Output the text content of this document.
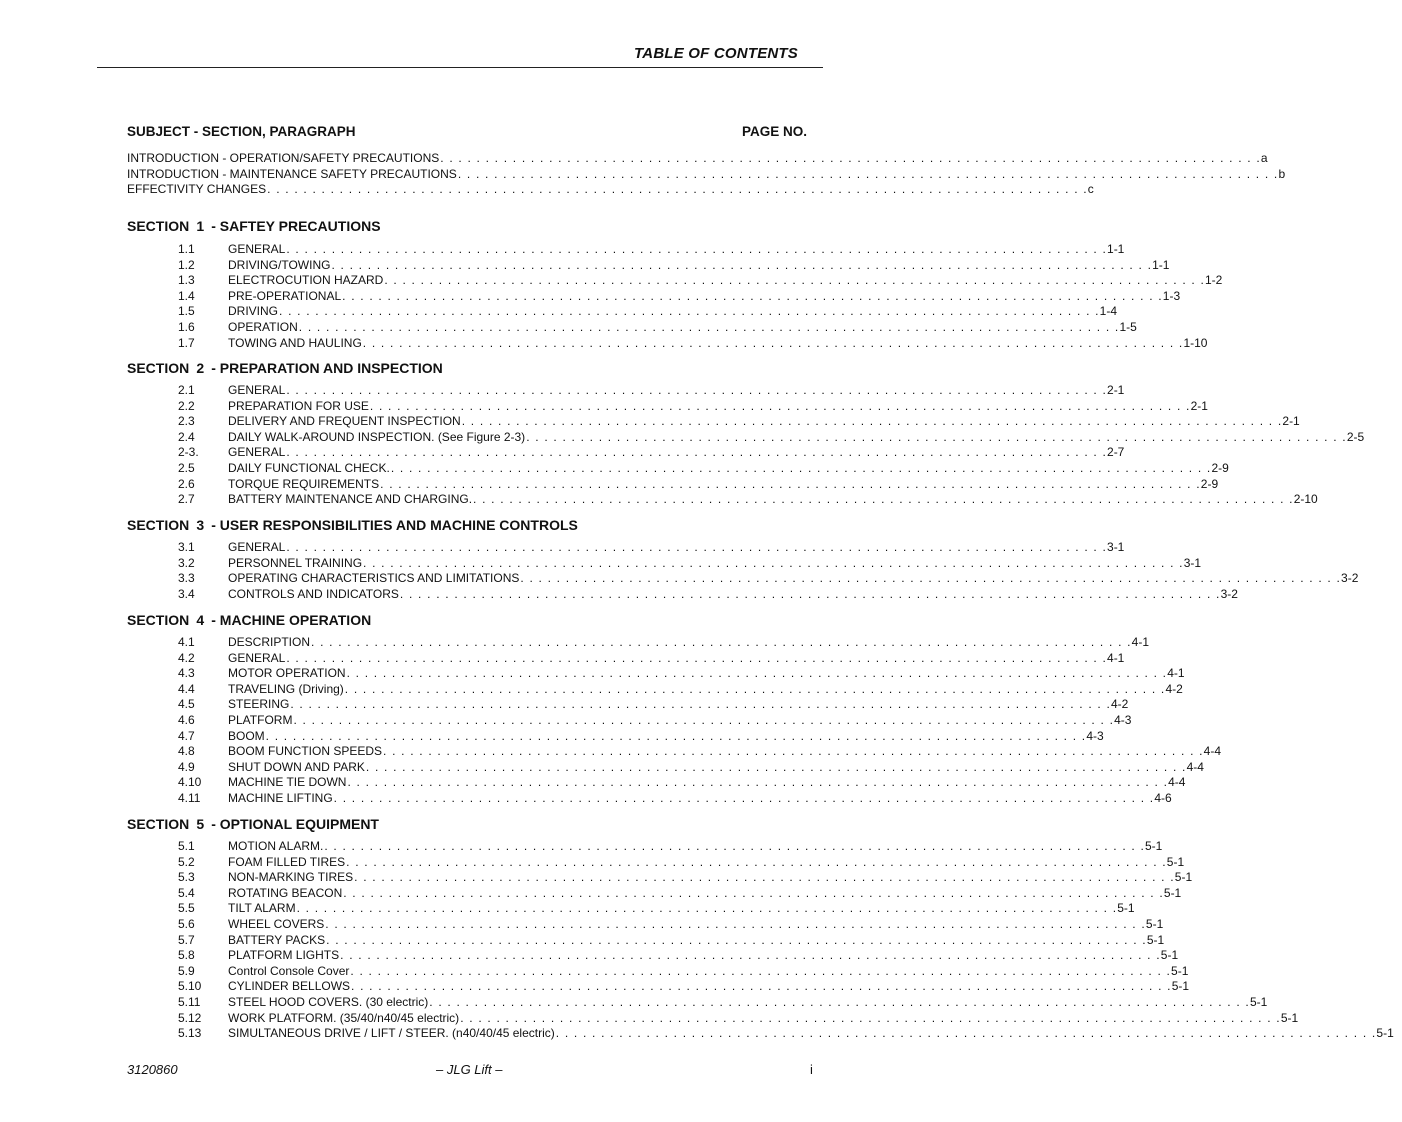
TABLE OF CONTENTS
SUBJECT - SECTION, PARAGRAPH	PAGE NO.
INTRODUCTION - OPERATION/SAFETY PRECAUTIONS . . . . . . . . . . . . . . . . . . . . . . . . . . . . . . . . . . . . . . . . . . . . . . . . . . . . . . . . . . . . . . . . . . . . . . . . . . . . . . . . . . . . . . . . . . . a
INTRODUCTION - MAINTENANCE SAFETY PRECAUTIONS . . . . . . . . . . . . . . . . . . . . . . . . . . . . . . . . . . . . . . . . . . . . . . . . . . . . . . . . . . . . . . . . . . . . . . . . . . . . . . . . . . . . . . . . . . . b
EFFECTIVITY CHANGES . . . . . . . . . . . . . . . . . . . . . . . . . . . . . . . . . . . . . . . . . . . . . . . . . . . . . . . . . . . . . . . . . . . . . . . . . . . . . . . . . . . . . . . . . . . c
SECTION 1 - SAFTEY PRECAUTIONS
1.1	GENERAL . . . . . . . . . . . . . . . . . . . . . . . . . . . . . . . . . . . . . . . . . . . . . . . . . . . . . . . . . . . . . . . . . . . . . . . . . . . . . . . . . . . . . . . . . . . 1-1
1.2	DRIVING/TOWING . . . . . . . . . . . . . . . . . . . . . . . . . . . . . . . . . . . . . . . . . . . . . . . . . . . . . . . . . . . . . . . . . . . . . . . . . . . . . . . . . . . . . . . . . . . 1-1
1.3	ELECTROCUTION HAZARD . . . . . . . . . . . . . . . . . . . . . . . . . . . . . . . . . . . . . . . . . . . . . . . . . . . . . . . . . . . . . . . . . . . . . . . . . . . . . . . . . . . . . . . . . . . 1-2
1.4	PRE-OPERATIONAL . . . . . . . . . . . . . . . . . . . . . . . . . . . . . . . . . . . . . . . . . . . . . . . . . . . . . . . . . . . . . . . . . . . . . . . . . . . . . . . . . . . . . . . . . . . 1-3
1.5	DRIVING . . . . . . . . . . . . . . . . . . . . . . . . . . . . . . . . . . . . . . . . . . . . . . . . . . . . . . . . . . . . . . . . . . . . . . . . . . . . . . . . . . . . . . . . . . . 1-4
1.6	OPERATION . . . . . . . . . . . . . . . . . . . . . . . . . . . . . . . . . . . . . . . . . . . . . . . . . . . . . . . . . . . . . . . . . . . . . . . . . . . . . . . . . . . . . . . . . . . 1-5
1.7	TOWING AND HAULING . . . . . . . . . . . . . . . . . . . . . . . . . . . . . . . . . . . . . . . . . . . . . . . . . . . . . . . . . . . . . . . . . . . . . . . . . . . . . . . . . . . . . . . . . . . 1-10
SECTION 2 - PREPARATION AND INSPECTION
2.1	GENERAL . . . . . . . . . . . . . . . . . . . . . . . . . . . . . . . . . . . . . . . . . . . . . . . . . . . . . . . . . . . . . . . . . . . . . . . . . . . . . . . . . . . . . . . . . . . 2-1
2.2	PREPARATION FOR USE . . . . . . . . . . . . . . . . . . . . . . . . . . . . . . . . . . . . . . . . . . . . . . . . . . . . . . . . . . . . . . . . . . . . . . . . . . . . . . . . . . . . . . . . . . . 2-1
2.3	DELIVERY AND FREQUENT INSPECTION . . . . . . . . . . . . . . . . . . . . . . . . . . . . . . . . . . . . . . . . . . . . . . . . . . . . . . . . . . . . . . . . . . . . . . . . . . . . . . . . . . . . . . . . . . . 2-1
2.4	DAILY WALK-AROUND INSPECTION. (See Figure 2-3) . . . . . . . . . . . . . . . . . . . . . . . . . . . . . . . . . . . . . . . . . . . . . . . . . . . . . . . . . . . . . . . . . . . . . . . . . . . . . . . . . . . . . . . . . . . 2-5
2-3. GENERAL . . . . . . . . . . . . . . . . . . . . . . . . . . . . . . . . . . . . . . . . . . . . . . . . . . . . . . . . . . . . . . . . . . . . . . . . . . . . . . . . . . . . . . . . . . . 2-7
2.5	DAILY FUNCTIONAL CHECK. . . . . . . . . . . . . . . . . . . . . . . . . . . . . . . . . . . . . . . . . . . . . . . . . . . . . . . . . . . . . . . . . . . . . . . . . . . . . . . . . . . . . . . . . . . . 2-9
2.6	TORQUE REQUIREMENTS . . . . . . . . . . . . . . . . . . . . . . . . . . . . . . . . . . . . . . . . . . . . . . . . . . . . . . . . . . . . . . . . . . . . . . . . . . . . . . . . . . . . . . . . . . . 2-9
2.7	BATTERY MAINTENANCE AND CHARGING. . . . . . . . . . . . . . . . . . . . . . . . . . . . . . . . . . . . . . . . . . . . . . . . . . . . . . . . . . . . . . . . . . . . . . . . . . . . . . . . . . . . . . . . . . . . 2-10
SECTION 3 - USER RESPONSIBILITIES AND MACHINE CONTROLS
3.1	GENERAL . . . . . . . . . . . . . . . . . . . . . . . . . . . . . . . . . . . . . . . . . . . . . . . . . . . . . . . . . . . . . . . . . . . . . . . . . . . . . . . . . . . . . . . . . . . 3-1
3.2	PERSONNEL TRAINING . . . . . . . . . . . . . . . . . . . . . . . . . . . . . . . . . . . . . . . . . . . . . . . . . . . . . . . . . . . . . . . . . . . . . . . . . . . . . . . . . . . . . . . . . . . 3-1
3.3	OPERATING CHARACTERISTICS AND LIMITATIONS . . . . . . . . . . . . . . . . . . . . . . . . . . . . . . . . . . . . . . . . . . . . . . . . . . . . . . . . . . . . . . . . . . . . . . . . . . . . . . . . . . . . . . . . . . . 3-2
3.4	CONTROLS AND INDICATORS . . . . . . . . . . . . . . . . . . . . . . . . . . . . . . . . . . . . . . . . . . . . . . . . . . . . . . . . . . . . . . . . . . . . . . . . . . . . . . . . . . . . . . . . . . . 3-2
SECTION 4 - MACHINE OPERATION
4.1	DESCRIPTION . . . . . . . . . . . . . . . . . . . . . . . . . . . . . . . . . . . . . . . . . . . . . . . . . . . . . . . . . . . . . . . . . . . . . . . . . . . . . . . . . . . . . . . . . . . 4-1
4.2	GENERAL . . . . . . . . . . . . . . . . . . . . . . . . . . . . . . . . . . . . . . . . . . . . . . . . . . . . . . . . . . . . . . . . . . . . . . . . . . . . . . . . . . . . . . . . . . . 4-1
4.3	MOTOR OPERATION . . . . . . . . . . . . . . . . . . . . . . . . . . . . . . . . . . . . . . . . . . . . . . . . . . . . . . . . . . . . . . . . . . . . . . . . . . . . . . . . . . . . . . . . . . . 4-1
4.4	TRAVELING (Driving) . . . . . . . . . . . . . . . . . . . . . . . . . . . . . . . . . . . . . . . . . . . . . . . . . . . . . . . . . . . . . . . . . . . . . . . . . . . . . . . . . . . . . . . . . . . 4-2
4.5	STEERING . . . . . . . . . . . . . . . . . . . . . . . . . . . . . . . . . . . . . . . . . . . . . . . . . . . . . . . . . . . . . . . . . . . . . . . . . . . . . . . . . . . . . . . . . . . 4-2
4.6	PLATFORM . . . . . . . . . . . . . . . . . . . . . . . . . . . . . . . . . . . . . . . . . . . . . . . . . . . . . . . . . . . . . . . . . . . . . . . . . . . . . . . . . . . . . . . . . . . 4-3
4.7	BOOM . . . . . . . . . . . . . . . . . . . . . . . . . . . . . . . . . . . . . . . . . . . . . . . . . . . . . . . . . . . . . . . . . . . . . . . . . . . . . . . . . . . . . . . . . . . 4-3
4.8	BOOM FUNCTION SPEEDS . . . . . . . . . . . . . . . . . . . . . . . . . . . . . . . . . . . . . . . . . . . . . . . . . . . . . . . . . . . . . . . . . . . . . . . . . . . . . . . . . . . . . . . . . . . 4-4
4.9	SHUT DOWN AND PARK . . . . . . . . . . . . . . . . . . . . . . . . . . . . . . . . . . . . . . . . . . . . . . . . . . . . . . . . . . . . . . . . . . . . . . . . . . . . . . . . . . . . . . . . . . . 4-4
4.10 MACHINE TIE DOWN . . . . . . . . . . . . . . . . . . . . . . . . . . . . . . . . . . . . . . . . . . . . . . . . . . . . . . . . . . . . . . . . . . . . . . . . . . . . . . . . . . . . . . . . . . . 4-4
4.11 MACHINE LIFTING . . . . . . . . . . . . . . . . . . . . . . . . . . . . . . . . . . . . . . . . . . . . . . . . . . . . . . . . . . . . . . . . . . . . . . . . . . . . . . . . . . . . . . . . . . . 4-6
SECTION 5 - OPTIONAL EQUIPMENT
5.1	MOTION ALARM. . . . . . . . . . . . . . . . . . . . . . . . . . . . . . . . . . . . . . . . . . . . . . . . . . . . . . . . . . . . . . . . . . . . . . . . . . . . . . . . . . . . . . . . . . . . 5-1
5.2	FOAM FILLED TIRES . . . . . . . . . . . . . . . . . . . . . . . . . . . . . . . . . . . . . . . . . . . . . . . . . . . . . . . . . . . . . . . . . . . . . . . . . . . . . . . . . . . . . . . . . . . 5-1
5.3	NON-MARKING TIRES . . . . . . . . . . . . . . . . . . . . . . . . . . . . . . . . . . . . . . . . . . . . . . . . . . . . . . . . . . . . . . . . . . . . . . . . . . . . . . . . . . . . . . . . . . . 5-1
5.4	ROTATING BEACON . . . . . . . . . . . . . . . . . . . . . . . . . . . . . . . . . . . . . . . . . . . . . . . . . . . . . . . . . . . . . . . . . . . . . . . . . . . . . . . . . . . . . . . . . . . 5-1
5.5	TILT ALARM . . . . . . . . . . . . . . . . . . . . . . . . . . . . . . . . . . . . . . . . . . . . . . . . . . . . . . . . . . . . . . . . . . . . . . . . . . . . . . . . . . . . . . . . . . . 5-1
5.6	WHEEL COVERS . . . . . . . . . . . . . . . . . . . . . . . . . . . . . . . . . . . . . . . . . . . . . . . . . . . . . . . . . . . . . . . . . . . . . . . . . . . . . . . . . . . . . . . . . . . 5-1
5.7	BATTERY PACKS . . . . . . . . . . . . . . . . . . . . . . . . . . . . . . . . . . . . . . . . . . . . . . . . . . . . . . . . . . . . . . . . . . . . . . . . . . . . . . . . . . . . . . . . . . . 5-1
5.8	PLATFORM LIGHTS . . . . . . . . . . . . . . . . . . . . . . . . . . . . . . . . . . . . . . . . . . . . . . . . . . . . . . . . . . . . . . . . . . . . . . . . . . . . . . . . . . . . . . . . . . . 5-1
5.9	Control Console Cover . . . . . . . . . . . . . . . . . . . . . . . . . . . . . . . . . . . . . . . . . . . . . . . . . . . . . . . . . . . . . . . . . . . . . . . . . . . . . . . . . . . . . . . . . . . 5-1
5.10 CYLINDER BELLOWS . . . . . . . . . . . . . . . . . . . . . . . . . . . . . . . . . . . . . . . . . . . . . . . . . . . . . . . . . . . . . . . . . . . . . . . . . . . . . . . . . . . . . . . . . . . 5-1
5.11 STEEL HOOD COVERS. (30 electric) . . . . . . . . . . . . . . . . . . . . . . . . . . . . . . . . . . . . . . . . . . . . . . . . . . . . . . . . . . . . . . . . . . . . . . . . . . . . . . . . . . . . . . . . . . . 5-1
5.12 WORK PLATFORM. (35/40/n40/45 electric) . . . . . . . . . . . . . . . . . . . . . . . . . . . . . . . . . . . . . . . . . . . . . . . . . . . . . . . . . . . . . . . . . . . . . . . . . . . . . . . . . . . . . . . . . . . 5-1
5.13 SIMULTANEOUS DRIVE / LIFT / STEER. (n40/40/45 electric) . . . . . . . . . . . . . . . . . . . . . . . . . . . . . . . . . . . . . . . . . . . . . . . . . . . . . . . . . . . . . . . . . . . . . . . . . . . . . . . . . . . . . . . . . . . 5-1
3120860	– JLG Lift –	i
